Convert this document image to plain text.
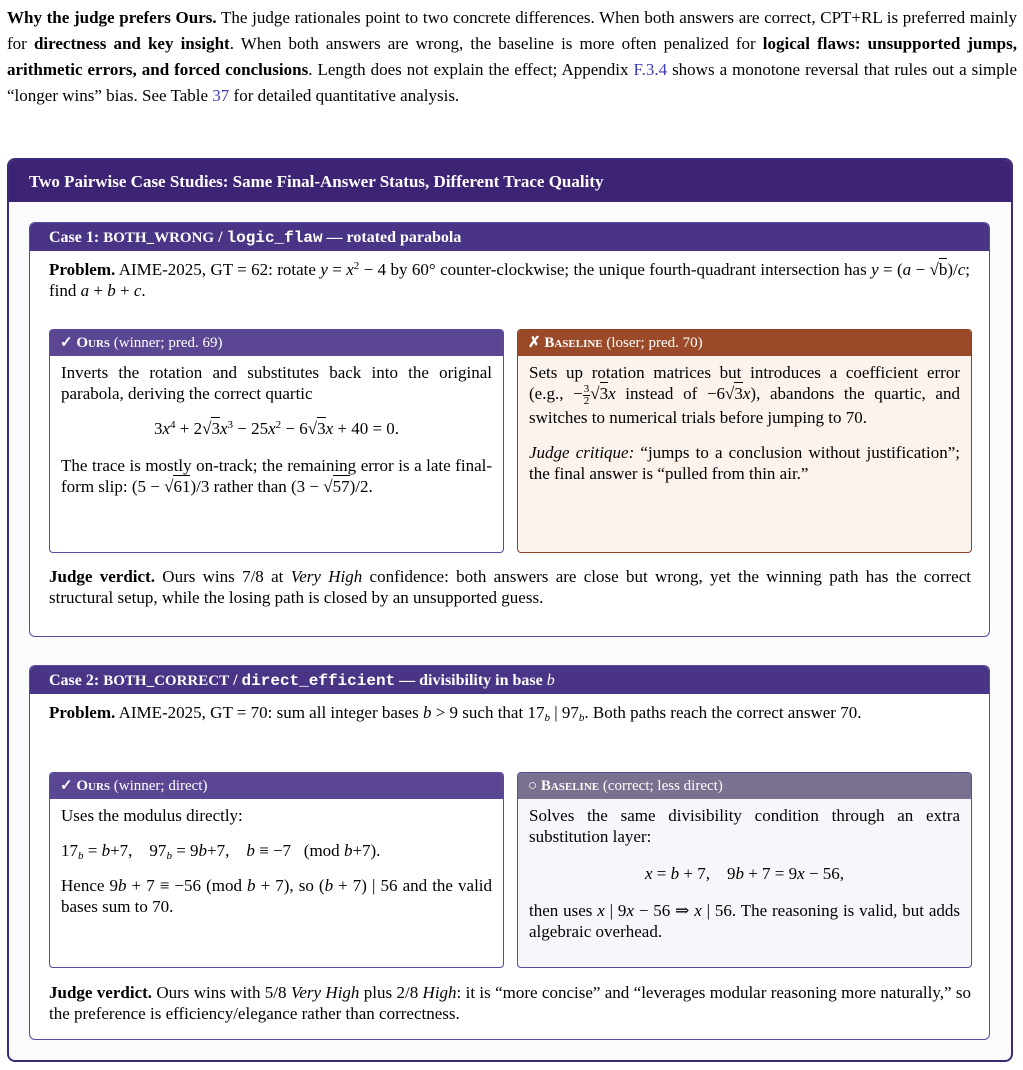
Why the judge prefers Ours. The judge rationales point to two concrete differences. When both answers are correct, CPT+RL is preferred mainly for directness and key insight. When both answers are wrong, the baseline is more often penalized for logical flaws: unsupported jumps, arithmetic errors, and forced conclusions. Length does not explain the effect; Appendix F.3.4 shows a monotone reversal that rules out a simple “longer wins” bias. See Table 37 for detailed quantitative analysis.
Two Pairwise Case Studies: Same Final-Answer Status, Different Trace Quality
Case 1: BOTH_WRONG / logic_flaw — rotated parabola
Problem. AIME-2025, GT = 62: rotate $y = x^2 - 4$ by 60° counter-clockwise; the unique fourth-quadrant intersection has y = (a − √b)/c; find a + b + c.
✓ Ours (winner; pred. 69)

Inverts the rotation and substitutes back into the original parabola, deriving the correct quartic

$3x^4 + 2√3x^3 - 25x^2 - 6√3x + 40 = 0$.

The trace is mostly on-track; the remaining error is a late final-form slip: (5 − √61)/3 rather than (3 − √57)/2.

✗ Baseline (loser; pred. 70)

Sets up rotation matrices but introduces a coefficient error (e.g., − $\frac{3}{2} √3x$ instead of −6√3x), abandons the quartic, and switches to numerical trials before jumping to 70.

Judge critique: “jumps to a conclusion without justification”; the final answer is “pulled from thin air.”

Judge verdict. Ours wins 7/8 at Very High confidence: both answers are close but wrong, yet the winning path has the correct structural setup, while the losing path is closed by an unsupported guess.
Case 2: BOTH_CORRECT / direct_efficient — divisibility in base b
Problem. AIME-2025, GT = 70: sum all integer bases b > 9 such that $17_b$ | $97_b$. Both paths reach the correct answer 70.
✓ Ours (winner; direct)

Uses the modulus directly:

$17_b = b+7$,    $97_b = 9b+7$,    b ≡ −7   (mod b+7).

Hence 9b + 7 ≡ −56 (mod b + 7), so (b + 7) | 56 and the valid bases sum to 70.

○ Baseline (correct; less direct)

Solves the same divisibility condition through an extra substitution layer:

x = b + 7,    9b + 7 = 9x − 56,

then uses x | 9x − 56 ⇒ x | 56. The reasoning is valid, but adds algebraic overhead.

Judge verdict. Ours wins with 5/8 Very High plus 2/8 High: it is “more concise” and “leverages modular reasoning more naturally,” so the preference is efficiency/elegance rather than correctness.
